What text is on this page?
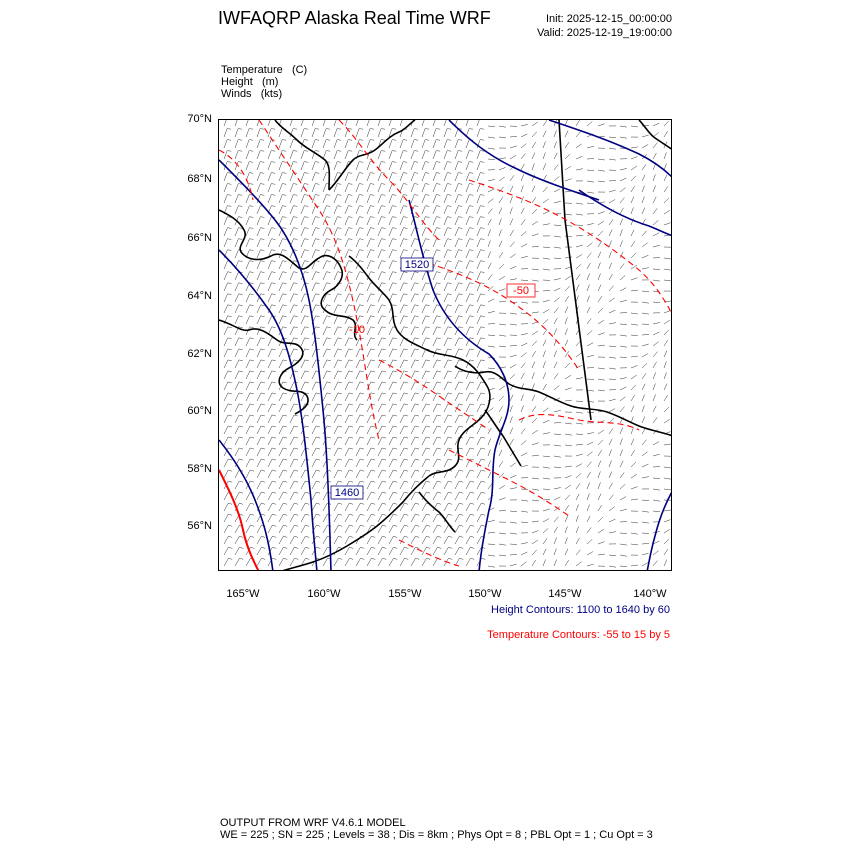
IWFAQRP Alaska Real Time WRF	Init: 2025-12-15_00:00:00
Valid: 2025-12-19_19:00:00
Temperature (C)
Height (m)
Winds (kts)
70°N
68°N
66°N
64°N
62°N
60°N
58°N
56°N
165°W	160°W	155°W	150°W	145°W	140°W
1520
1460
-50
-10
Height Contours: 1100 to 1640 by 60
Temperature Contours: -55 to 15 by 5
OUTPUT FROM WRF V4.6.1 MODEL
WE = 225 ; SN = 225 ; Levels = 38 ; Dis = 8km ; Phys Opt = 8 ; PBL Opt = 1 ; Cu Opt = 3
